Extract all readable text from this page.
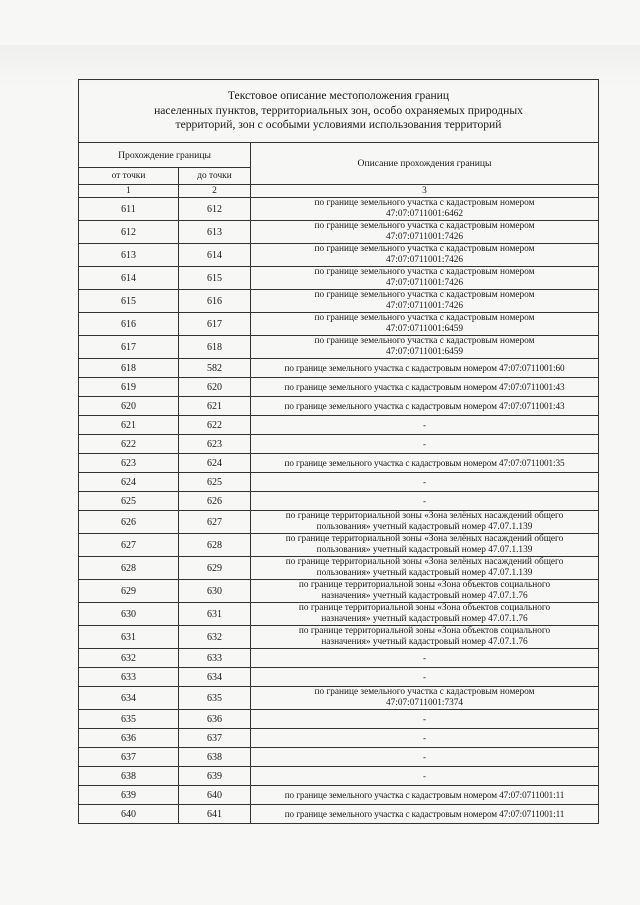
Текстовое описание местоположения границ
населенных пунктов, территориальных зон, особо охраняемых природных
территорий, зон с особыми условиями использования территорий		

Прохождение границы		Описание прохождения границы
от точки	до точки	
1	2	3
611	612	по границе земельного участка с кадастровым номером
47:07:0711001:6462

612	613	по границе земельного участка с кадастровым номером
47:07:0711001:7426

613	614	по границе земельного участка с кадастровым номером
47:07:0711001:7426

614	615	по границе земельного участка с кадастровым номером
47:07:0711001:7426

615	616	по границе земельного участка с кадастровым номером
47:07:0711001:7426

616	617	по границе земельного участка с кадастровым номером
47:07:0711001:6459

617	618	по границе земельного участка с кадастровым номером
47:07:0711001:6459

618	582	по границе земельного участка с кадастровым номером 47:07:0711001:60

619	620	по границе земельного участка с кадастровым номером 47:07:0711001:43

620	621	по границе земельного участка с кадастровым номером 47:07:0711001:43

621	622	-

622	623	-

623	624	по границе земельного участка с кадастровым номером 47:07:0711001:35

624	625	-

625	626	-

626	627	по границе территориальной зоны «Зона зелёных насаждений общего
пользования» учетный кадастровый номер 47.07.1.139

627	628	по границе территориальной зоны «Зона зелёных насаждений общего
пользования» учетный кадастровый номер 47.07.1.139

628	629	по границе территориальной зоны «Зона зелёных насаждений общего
пользования» учетный кадастровый номер 47.07.1.139

629	630	по границе территориальной зоны «Зона объектов социального
назначения» учетный кадастровый номер 47.07.1.76

630	631	по границе территориальной зоны «Зона объектов социального
назначения» учетный кадастровый номер 47.07.1.76

631	632	по границе территориальной зоны «Зона объектов социального
назначения» учетный кадастровый номер 47.07.1.76

632	633	-

633	634	-

634	635	по границе земельного участка с кадастровым номером
47:07:0711001:7374

635	636	-

636	637	-

637	638	-

638	639	-

639	640	по границе земельного участка с кадастровым номером 47:07:0711001:11

640	641	по границе земельного участка с кадастровым номером 47:07:0711001:11
